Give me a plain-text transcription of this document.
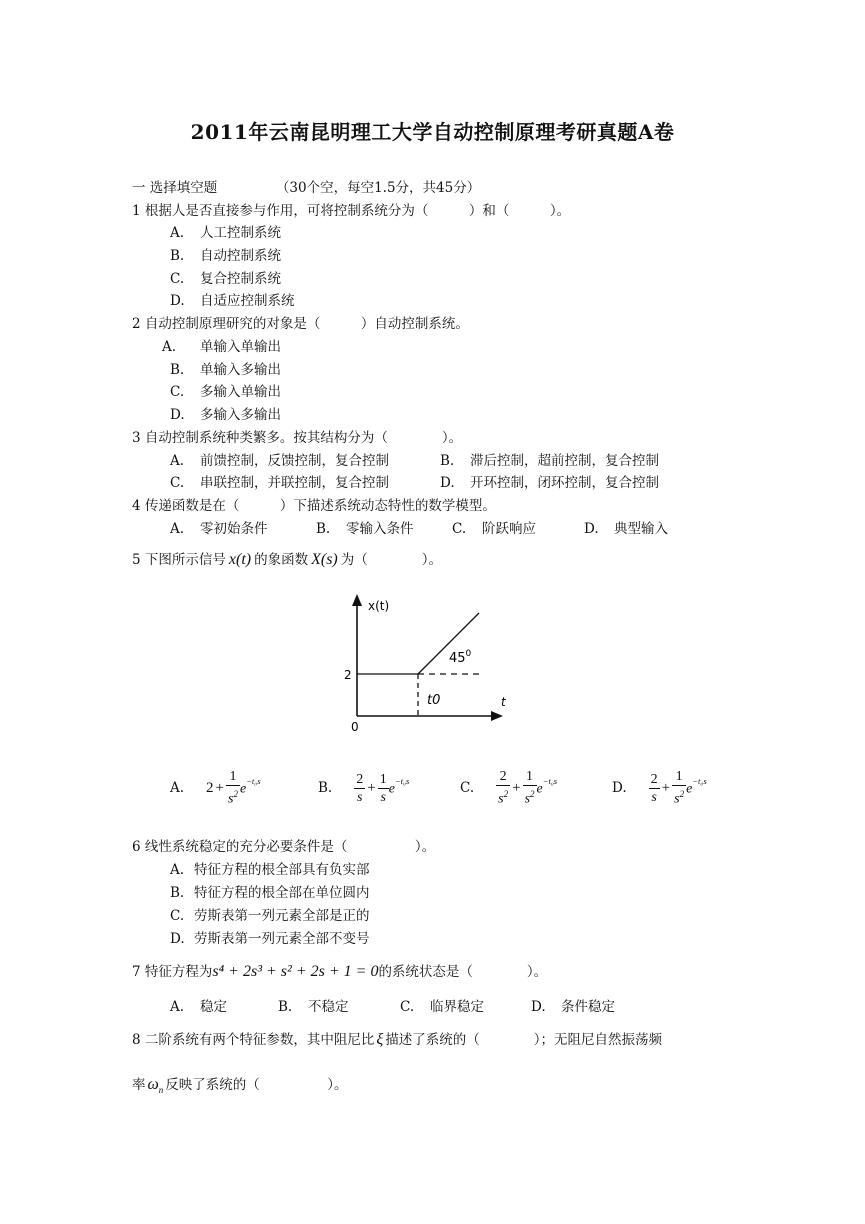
2011年云南昆明理工大学自动控制原理考研真题A卷
一 选择填空题	（30个空，每空1.5分，共45分）
1 根据人是否直接参与作用，可将控制系统分为（　　　）和（　　　）。
A. 人工控制系统
B. 自动控制系统
C. 复合控制系统
D. 自适应控制系统
2 自动控制原理研究的对象是（　　　）自动控制系统。
A. 单输入单输出
B. 单输入多输出
C. 多输入单输出
D. 多输入多输出
3 自动控制系统种类繁多。按其结构分为（　　　　）。
A. 前馈控制，反馈控制，复合控制	B. 滞后控制，超前控制，复合控制
C. 串联控制，并联控制，复合控制	D. 开环控制，闭环控制，复合控制
4 传递函数是在（　　　）下描述系统动态特性的数学模型。
A. 零初始条件	B. 零输入条件	C. 阶跃响应	D. 典型输入
5 下图所示信号 x(t) 的象函数 X(s) 为（　　　　）。
x(t)
t
2
0
t0
$45^0$
A. $2 + \frac{1}{s^2} e^{-t_0s}$	B. $\frac{2}{s} + \frac{1}{s} e^{-t_0s}$	C. $\frac{2}{s^2} + \frac{1}{s^2} e^{-t_0s}$	D. $\frac{2}{s} + \frac{1}{s^2} e^{-t_0s}$
6 线性系统稳定的充分必要条件是（　　　　　）。
A. 特征方程的根全部具有负实部
B. 特征方程的根全部在单位圆内
C. 劳斯表第一列元素全部是正的
D. 劳斯表第一列元素全部不变号
7 特征方程为s⁴ + 2s³ + s² + 2s + 1 = 0的系统状态是（　　　　）。
A. 稳定	B. 不稳定	C. 临界稳定	D. 条件稳定
8 二阶系统有两个特征参数，其中阻尼比 ξ 描述了系统的（　　　　）；无阻尼自然振荡频
率 $\omega_n$ 反映了系统的（　　　　　）。
